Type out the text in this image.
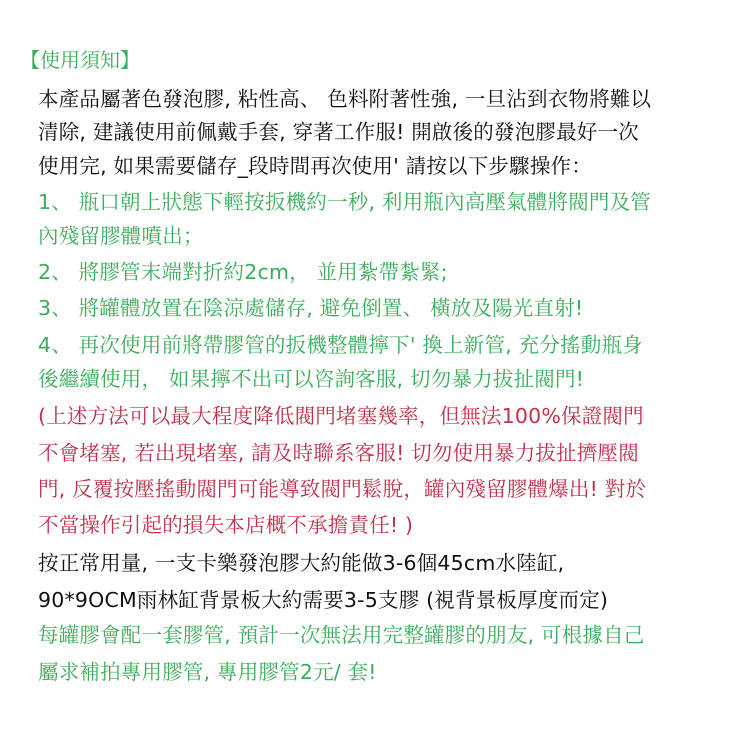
【使用須知】
本產品屬著色發泡膠, 粘性高、 色料附著性強, 一旦沾到衣物將難以
清除, 建議使用前佩戴手套, 穿著工作服! 開啟後的發泡膠最好一次
使用完, 如果需要儲存_段時間再次使用' 請按以下步驟操作：
1、 瓶口朝上狀態下輕按扳機約一秒, 利用瓶內高壓氣體將閥門及管
內殘留膠體噴出；
2、 將膠管末端對折約2cm， 並用紮帶紮緊;
3、 將罐體放置在陰涼處儲存, 避免倒置、 橫放及陽光直射!
4、 再次使用前將帶膠管的扳機整體擰下' 換上新管, 充分搖動瓶身
後繼續使用， 如果擰不出可以咨詢客服, 切勿暴力拔扯閥門!
(上述方法可以最大程度降低閥門堵塞幾率，但無法100%保證閥門
不會堵塞, 若出現堵塞, 請及時聯系客服! 切勿使用暴力拔扯擠壓閥
門, 反覆按壓搖動閥門可能導致閥門鬆脫，罐內殘留膠體爆出! 對於
不當操作引起的損失本店概不承擔責任! )
按正常用量, 一支卡樂發泡膠大約能做3-6個45cm水陸缸,
90*9OCM雨林缸背景板大約需要3-5支膠 (視背景板厚度而定)
每罐膠會配一套膠管, 預計一次無法用完整罐膠的朋友, 可根據自己
屬求補拍專用膠管, 專用膠管2元/ 套!
